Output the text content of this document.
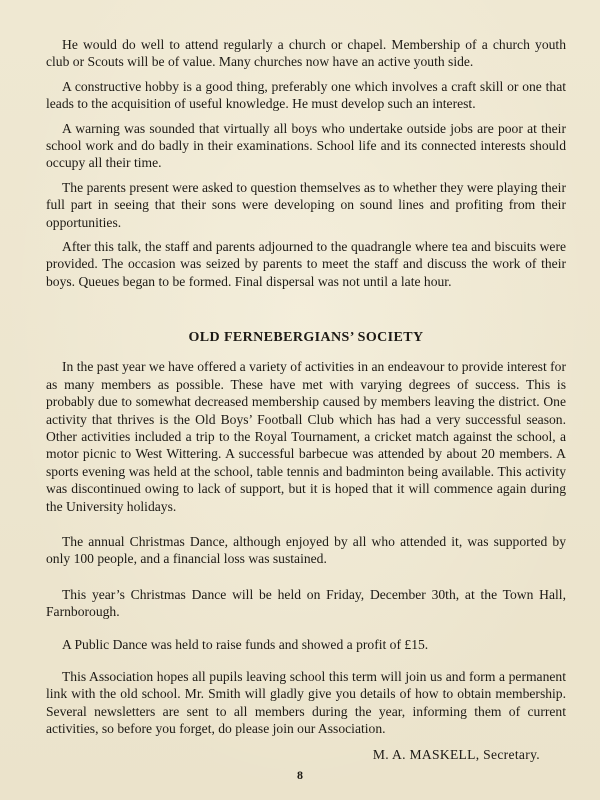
He would do well to attend regularly a church or chapel. Membership of a church youth club or Scouts will be of value. Many churches now have an active youth side.

A constructive hobby is a good thing, preferably one which involves a craft skill or one that leads to the acquisition of useful knowledge. He must develop such an interest.

A warning was sounded that virtually all boys who undertake outside jobs are poor at their school work and do badly in their examinations. School life and its connected interests should occupy all their time.

The parents present were asked to question themselves as to whether they were playing their full part in seeing that their sons were developing on sound lines and profiting from their opportunities.

After this talk, the staff and parents adjourned to the quadrangle where tea and biscuits were provided. The occasion was seized by parents to meet the staff and discuss the work of their boys. Queues began to be formed. Final dispersal was not until a late hour.

OLD FERNEBERGIANS’ SOCIETY

In the past year we have offered a variety of activities in an endeavour to provide interest for as many members as possible. These have met with varying degrees of success. This is probably due to somewhat decreased membership caused by members leaving the district. One activity that thrives is the Old Boys’ Football Club which has had a very successful season. Other activities included a trip to the Royal Tournament, a cricket match against the school, a motor picnic to West Wittering. A successful barbecue was attended by about 20 members. A sports evening was held at the school, table tennis and badminton being available. This activity was discontinued owing to lack of support, but it is hoped that it will commence again during the University holidays.

The annual Christmas Dance, although enjoyed by all who attended it, was supported by only 100 people, and a financial loss was sustained.

This year’s Christmas Dance will be held on Friday, December 30th, at the Town Hall, Farnborough.

A Public Dance was held to raise funds and showed a profit of £15.

This Association hopes all pupils leaving school this term will join us and form a permanent link with the old school. Mr. Smith will gladly give you details of how to obtain membership. Several newsletters are sent to all members during the year, informing them of current activities, so before you forget, do please join our Association.

M. A. MASKELL, Secretary.

8
